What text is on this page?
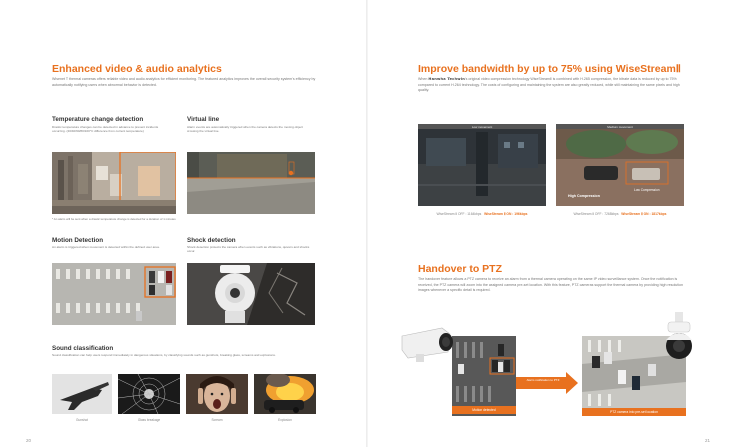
Enhanced video & audio analytics
Wisenet T thermal cameras offers reliable video and audio analytics for efficient monitoring. The featured analytics improves the overall security system's efficiency by automatically notifying users when abnormal behavior is detected.
Temperature change detection
Drastic temperature changes can be detected in advance to prevent incidents occurring. (20/40/60/80/100°C difference from current temperature)
* An alarm will be sent when a drastic temperature change is detected for a duration of 1 minutes
Virtual line
Alarm events are automatically triggered when the camera detects the moving object crossing the virtual line.
Motion Detection
An alarm is triggered when movement is detected within the defined user area.
Shock detection
Shock detection protects the camera when events such as vibrations, quivers and shocks occur.
Sound classification
Sound classification can help users respond immediately in dangerous situations, by classifying sounds such as gunshots, breaking glass, screams and explosions.
Gunshot	Glass breakage	Scream	Explosion
20
Improve bandwidth by up to 75% using WiseStreamⅡ
When Hanwha Techwin's original video compression technology WiseStreamⅡ is combined with H.265 compression, the bitrate data is reduced by up to 75% compared to current H.264 technology. The costs of configuring and maintaining the system are also greatly reduced, while still maintaining the same pixels and high quality.
Low movement	Medium movement
High Compression
Low Compression
WiseStream Ⅱ OFF : 1164kbps WiseStream Ⅱ ON : 196kbps	WiseStream Ⅱ OFF : 7268kbps WiseStream Ⅱ ON : 1817kbps
Handover to PTZ
The handover feature allows a PTZ camera to receive an alarm from a thermal camera operating on the same IP video surveillance system. Once the notification is received, the PTZ camera will zoom into the assigned camera pre-set location. With this feature, PTZ cameras support the thermal camera by providing high resolution images whenever a specific detail is required.
Motion detected
Alarm notification to PTZ
PTZ camera into pre-set location
21
